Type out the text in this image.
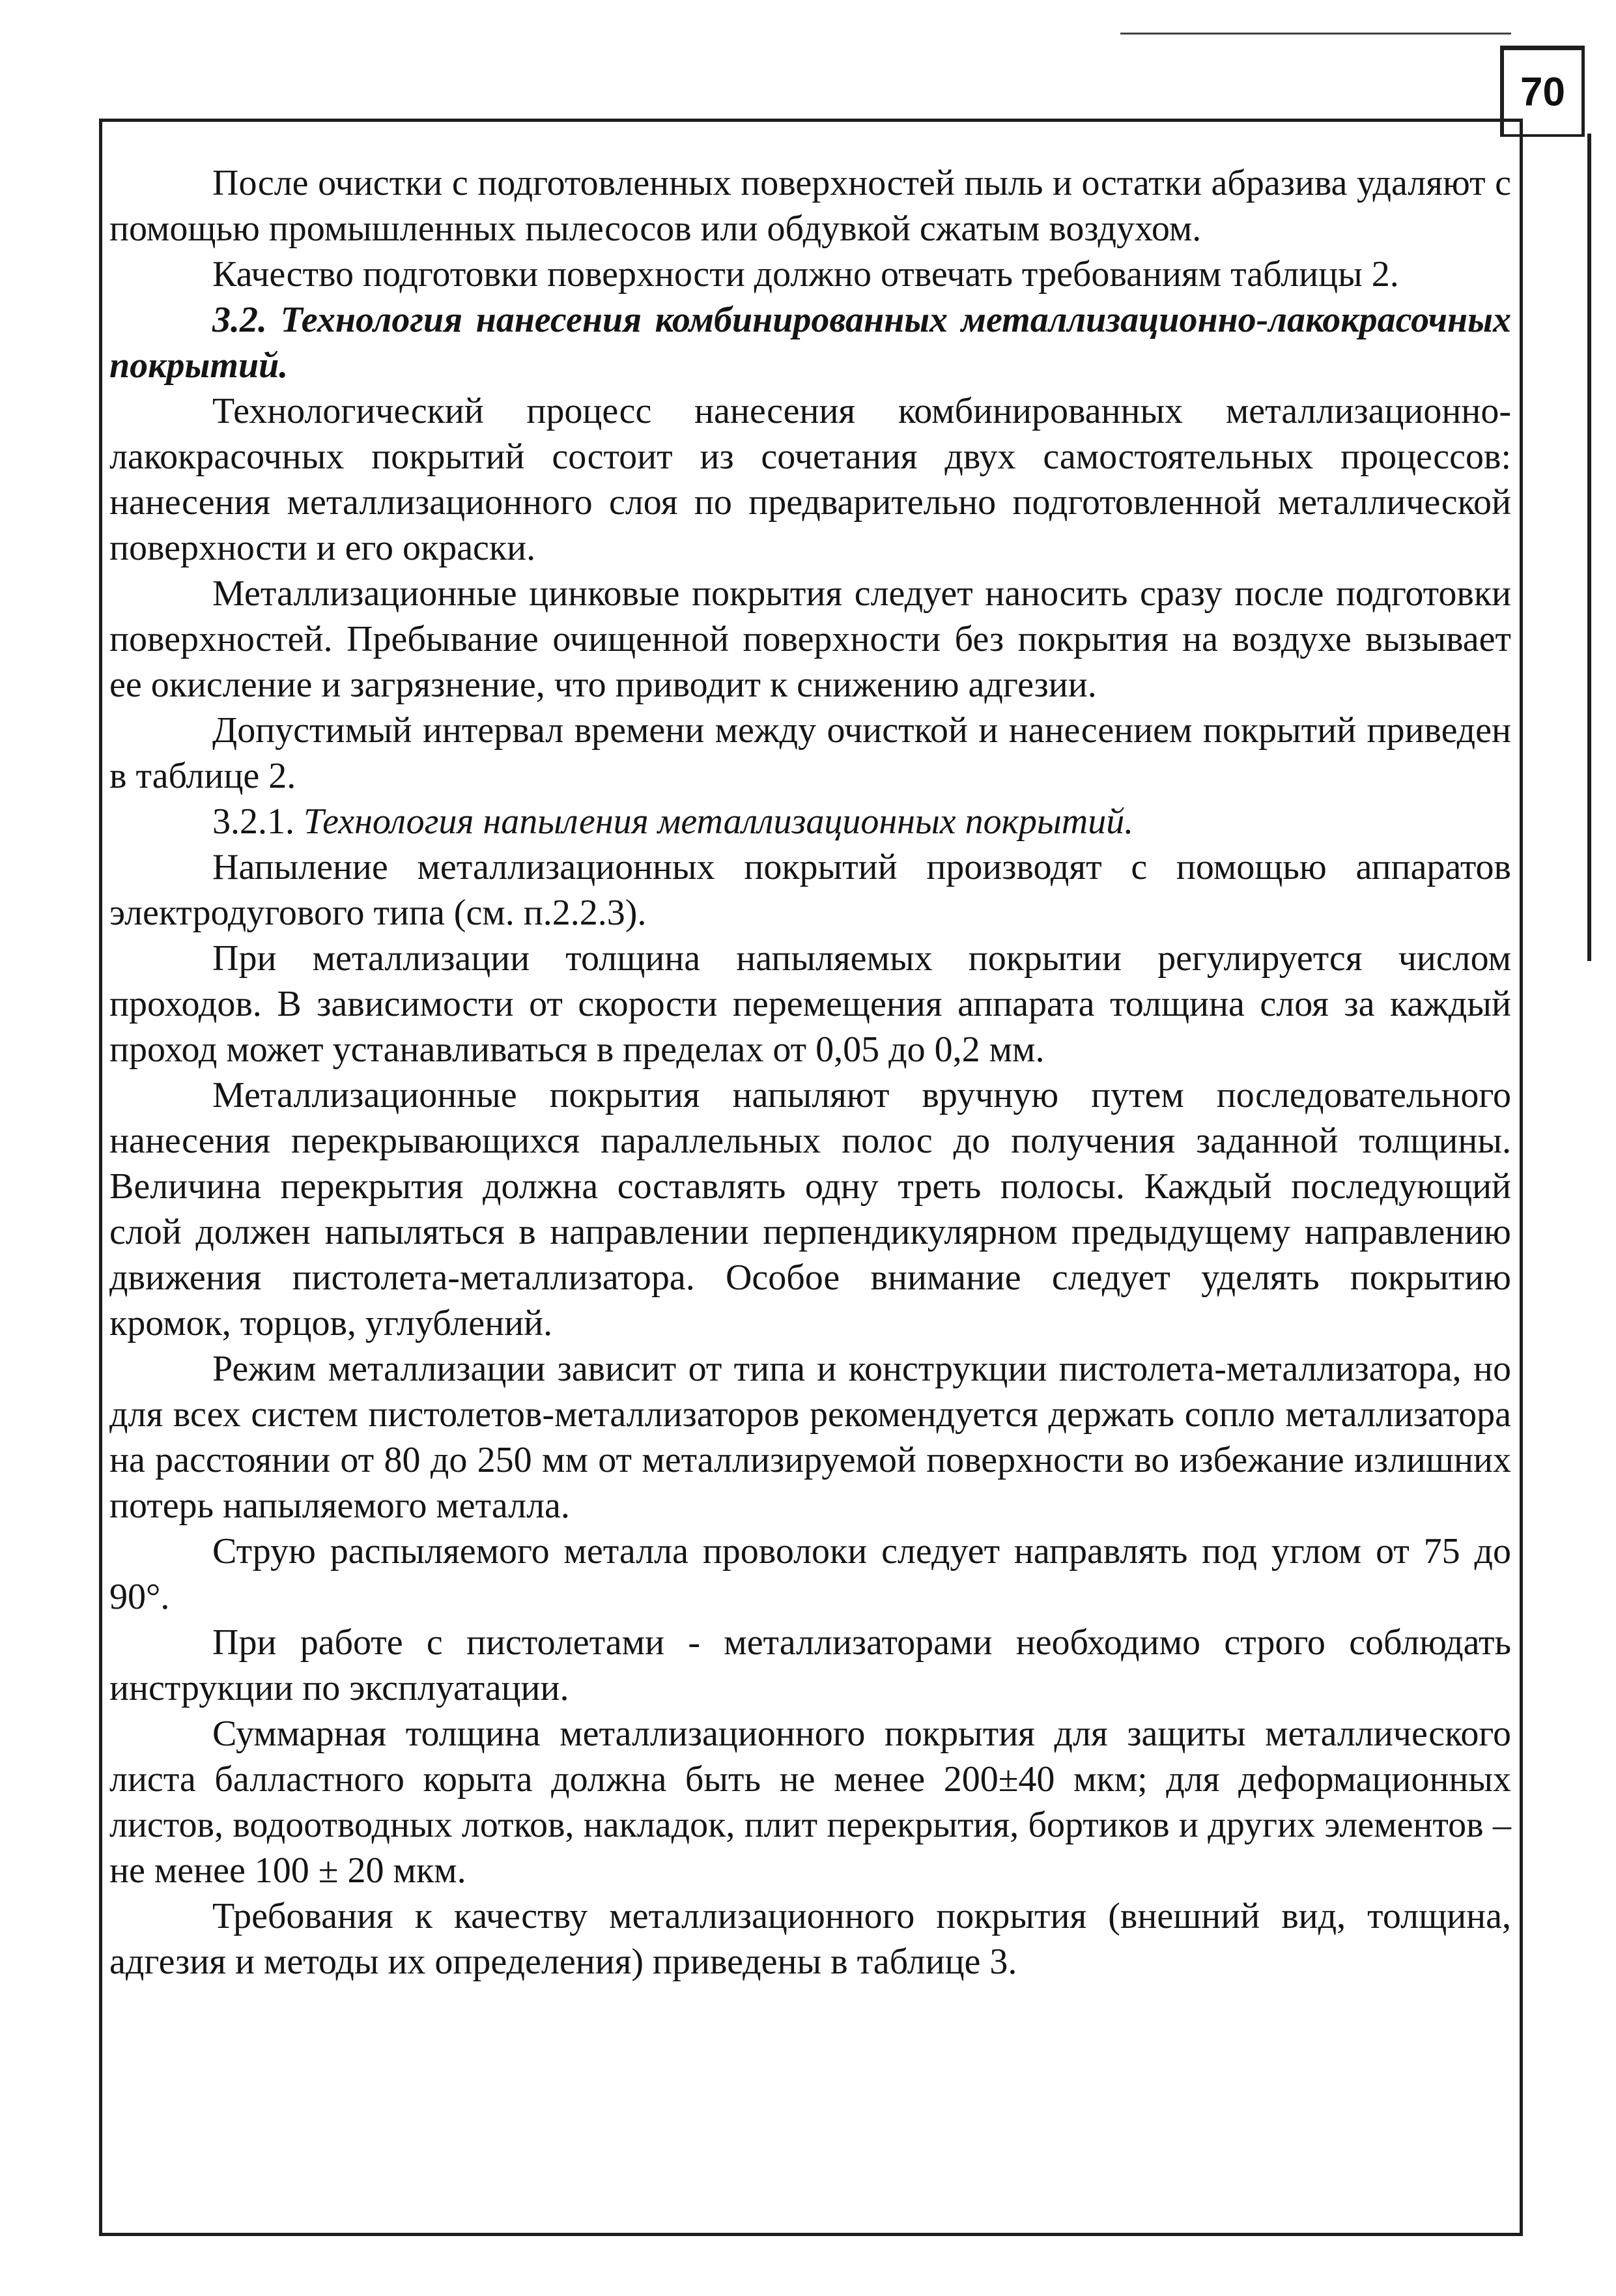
70

После очистки с подготовленных поверхностей пыль и остатки абразива удаляют с помощью промышленных пылесосов или обдувкой сжатым воздухом.

Качество подготовки поверхности должно отвечать требованиям таблицы 2.

3.2. Технология нанесения комбинированных металлизационно-лакокрасочных покрытий.

Технологический процесс нанесения комбинированных металлизационно-лакокрасочных покрытий состоит из сочетания двух самостоятельных процессов: нанесения металлизационного слоя по предварительно подготовленной металлической поверхности и его окраски.

Металлизационные цинковые покрытия следует наносить сразу после подготовки поверхностей. Пребывание очищенной поверхности без покрытия на воздухе вызывает ее окисление и загрязнение, что приводит к снижению адгезии.

Допустимый интервал времени между очисткой и нанесением покрытий приведен в таблице 2.

3.2.1. Технология напыления металлизационных покрытий.

Напыление металлизационных покрытий производят с помощью аппаратов электродугового типа (см. п.2.2.3).

При металлизации толщина напыляемых покрытии регулируется числом проходов. В зависимости от скорости перемещения аппарата толщина слоя за каждый проход может устанавливаться в пределах от 0,05 до 0,2 мм.

Металлизационные покрытия напыляют вручную путем последовательного нанесения перекрывающихся параллельных полос до получения заданной толщины. Величина перекрытия должна составлять одну треть полосы. Каждый последующий слой должен напыляться в направлении перпендикулярном предыдущему направлению движения пистолета-металлизатора. Особое внимание следует уделять покрытию кромок, торцов, углублений.

Режим металлизации зависит от типа и конструкции пистолета-металлизатора, но для всех систем пистолетов-металлизаторов рекомендуется держать сопло металлизатора на расстоянии от 80 до 250 мм от металлизируемой поверхности во избежание излишних потерь напыляемого металла.

Струю распыляемого металла проволоки следует направлять под углом от 75 до 90°.

При работе с пистолетами - металлизаторами необходимо строго соблюдать инструкции по эксплуатации.

Суммарная толщина металлизационного покрытия для защиты металлического листа балластного корыта должна быть не менее 200±40 мкм; для деформационных листов, водоотводных лотков, накладок, плит перекрытия, бортиков и других элементов – не менее 100 ± 20 мкм.

Требования к качеству металлизационного покрытия (внешний вид, толщина, адгезия и методы их определения) приведены в таблице 3.
